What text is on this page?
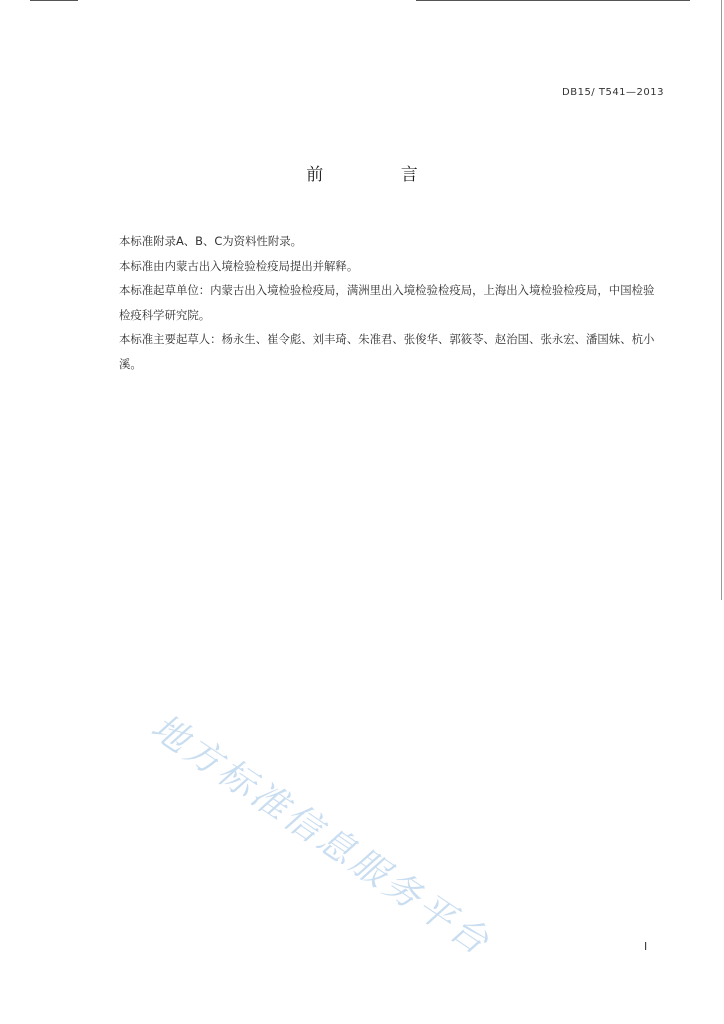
DB15/ T541—2013
前 言

本标准附录A、B、C为资料性附录。

本标准由内蒙古出入境检验检疫局提出并解释。

本标准起草单位：内蒙古出入境检验检疫局，满洲里出入境检验检疫局，上海出入境检验检疫局，中国检验检疫科学研究院。

本标准主要起草人：杨永生、崔令彪、刘丰琦、朱准君、张俊华、郭筱苓、赵治国、张永宏、潘国妹、杭小溪。

地方标准信息服务平台	I
